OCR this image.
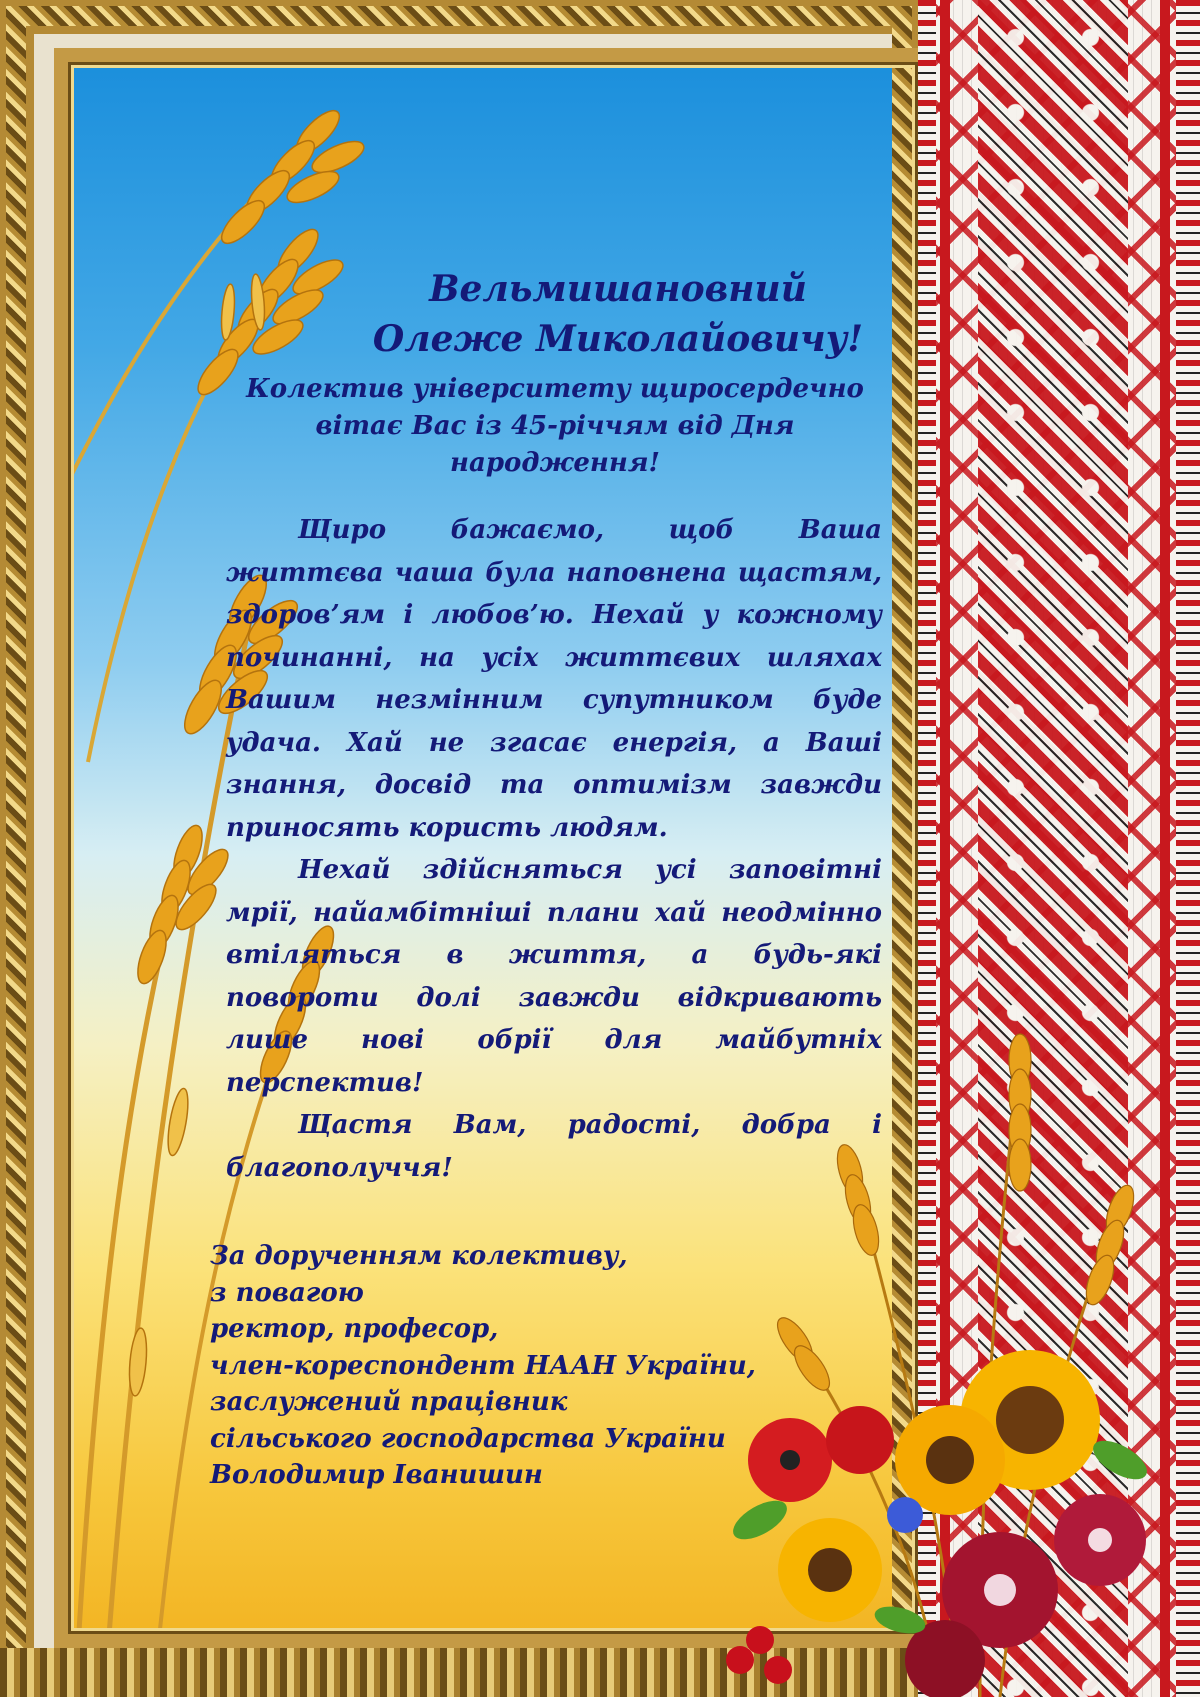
Вельмишановний
Олеже Миколайовичу!
Колектив університету щиросердечно
вітає Вас із 45-річчям від Дня народження!

Щиро бажаємо, щоб Ваша життєва чаша була наповнена щастям, здоров’ям і любов’ю. Нехай у кожному починанні, на усіх життєвих шляхах Вашим незмінним супутником буде удача. Хай не згасає енергія, а Ваші знання, досвід та оптимізм завжди приносять користь людям.

Нехай здійсняться усі заповітні мрії, найамбітніші плани хай неодмінно втіляться в життя, а будь-які повороти долі завжди відкривають лише нові обрії для майбутніх перспектив!

Щастя Вам, радості, добра і благополуччя!

За дорученням колективу,
з повагою
ректор, професор,
член-кореспондент НААН України,
заслужений працівник
сільського господарства України
Володимир Іванишин
